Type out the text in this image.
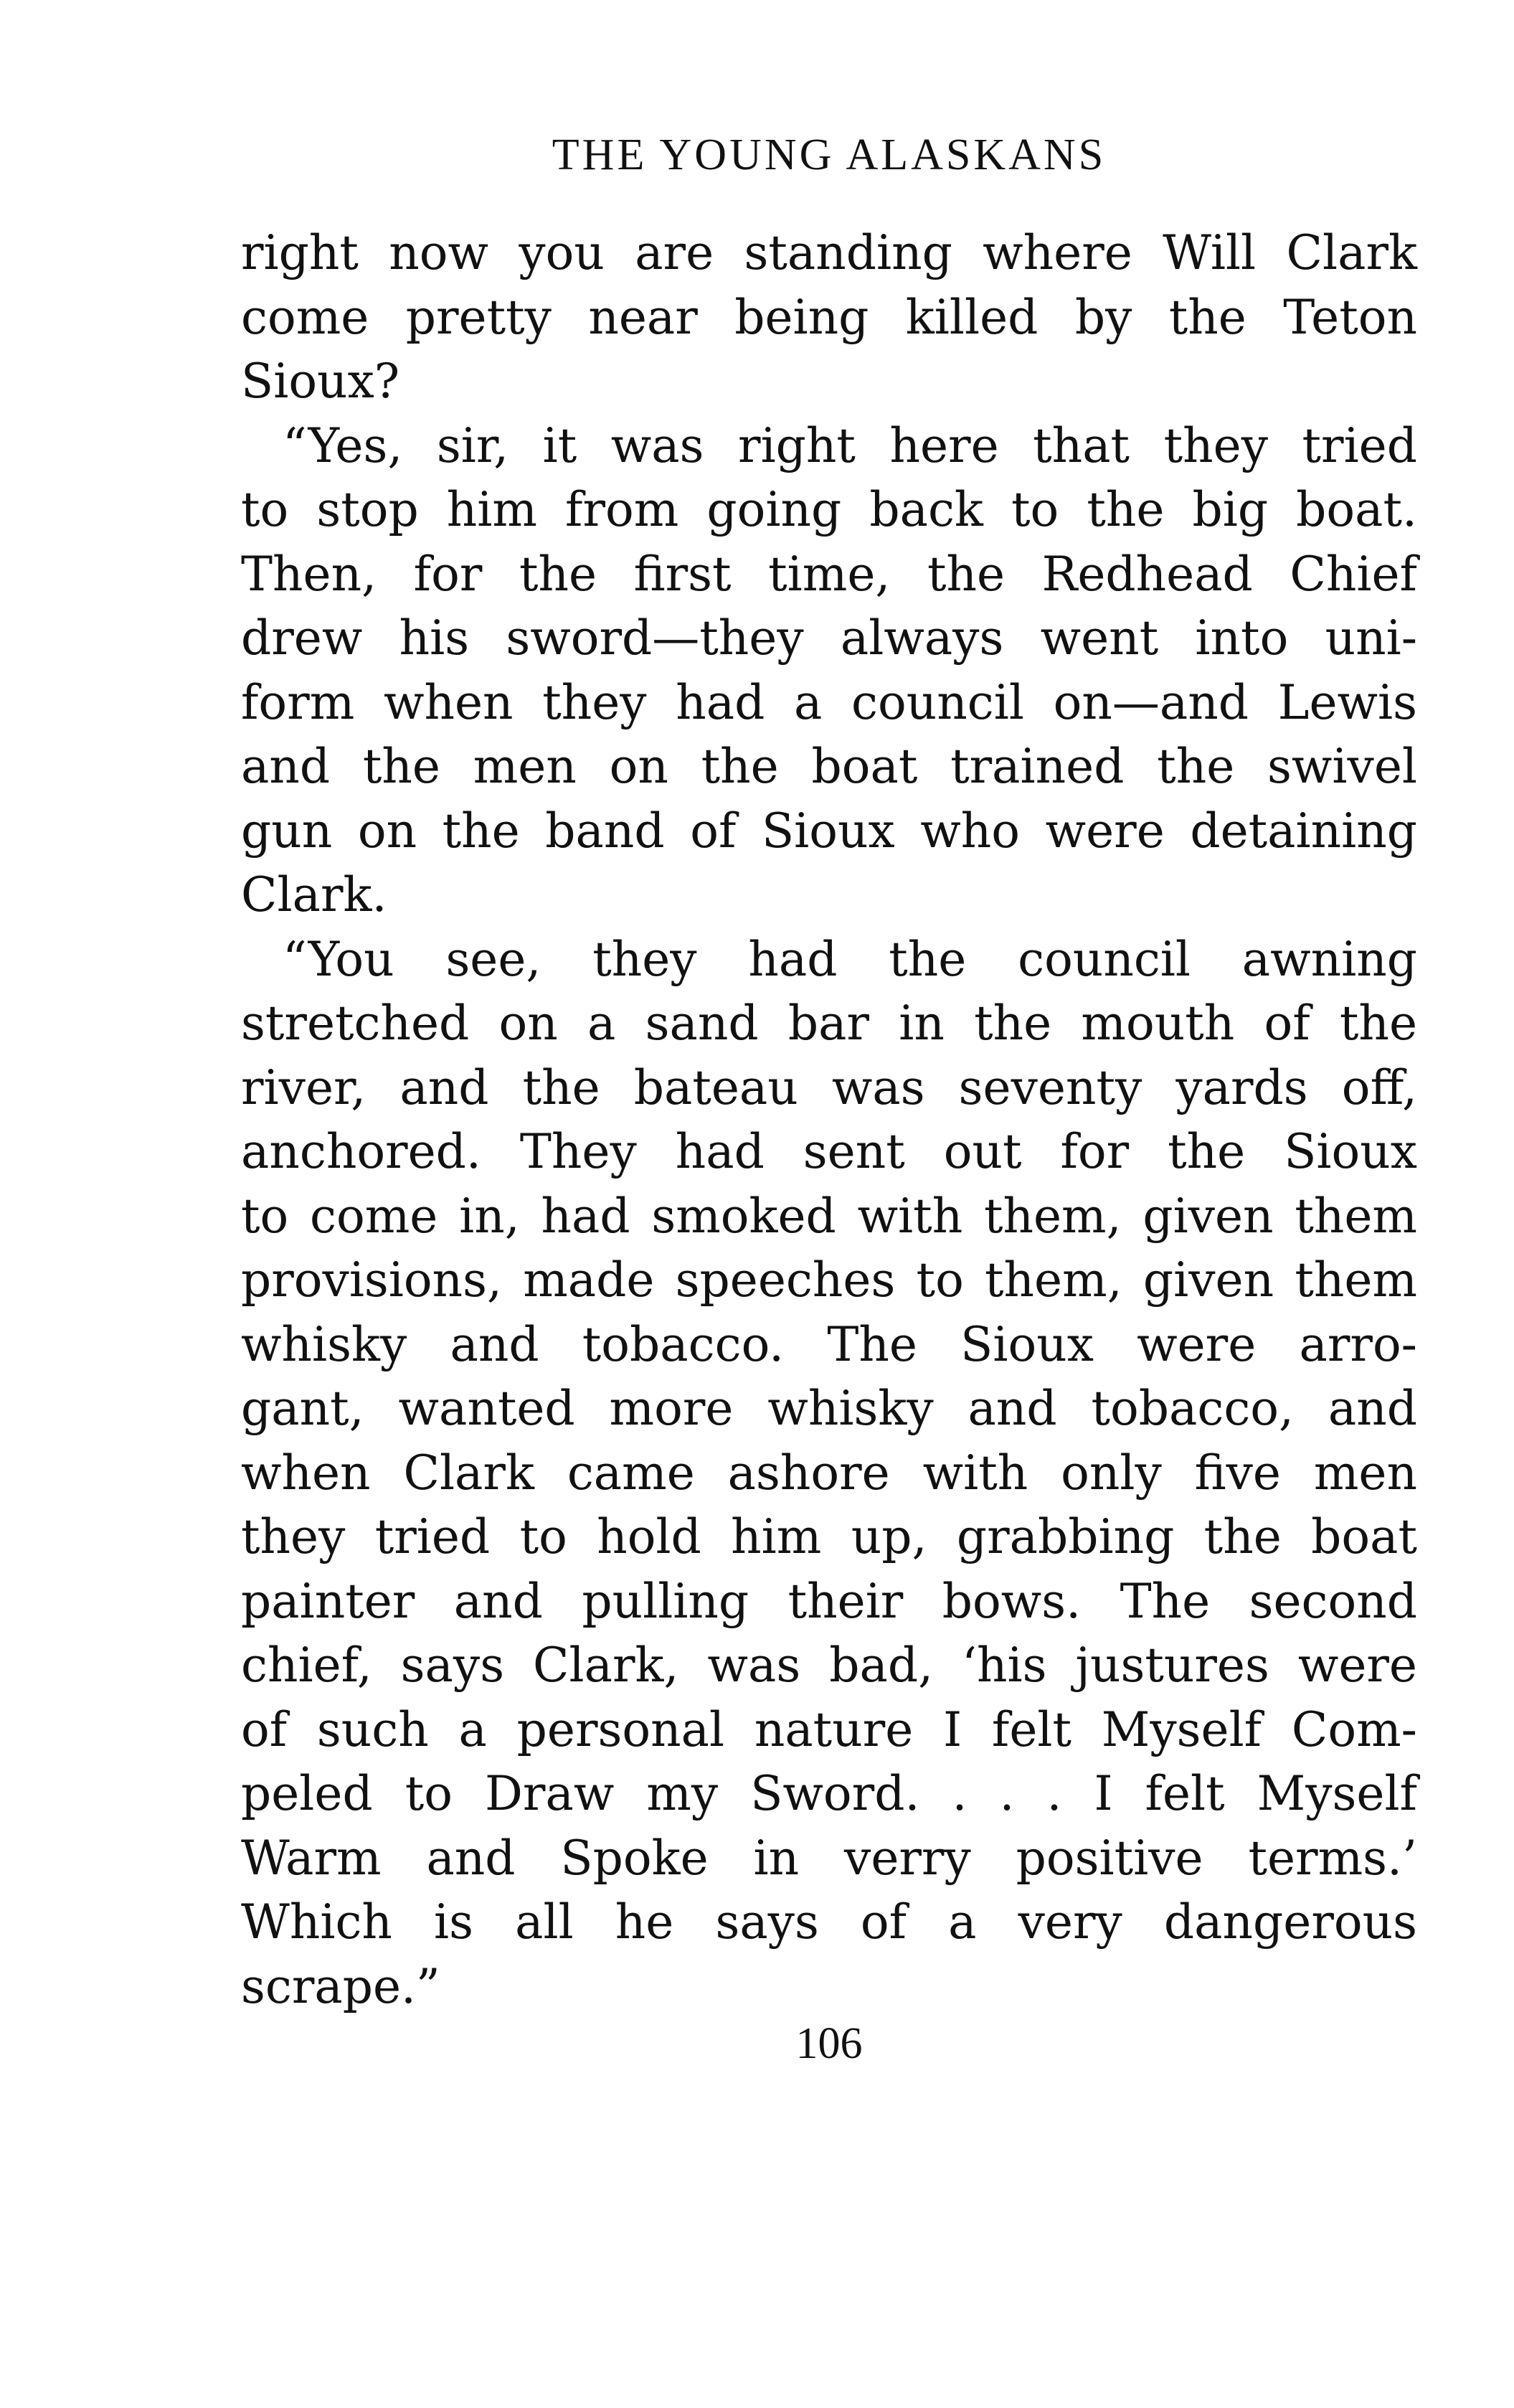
THE YOUNG ALASKANS
right now you are standing where Will Clark
come pretty near being killed by the Teton
Sioux?
“Yes, sir, it was right here that they tried
to stop him from going back to the big boat.
Then, for the first time, the Redhead Chief
drew his sword—they always went into uni-
form when they had a council on—and Lewis
and the men on the boat trained the swivel
gun on the band of Sioux who were detaining
Clark.
“You see, they had the council awning
stretched on a sand bar in the mouth of the
river, and the bateau was seventy yards off,
anchored. They had sent out for the Sioux
to come in, had smoked with them, given them
provisions, made speeches to them, given them
whisky and tobacco. The Sioux were arro-
gant, wanted more whisky and tobacco, and
when Clark came ashore with only five men
they tried to hold him up, grabbing the boat
painter and pulling their bows. The second
chief, says Clark, was bad, ‘his justures were
of such a personal nature I felt Myself Com-
peled to Draw my Sword. . . . I felt Myself
Warm and Spoke in verry positive terms.’
Which is all he says of a very dangerous
scrape.”
106
